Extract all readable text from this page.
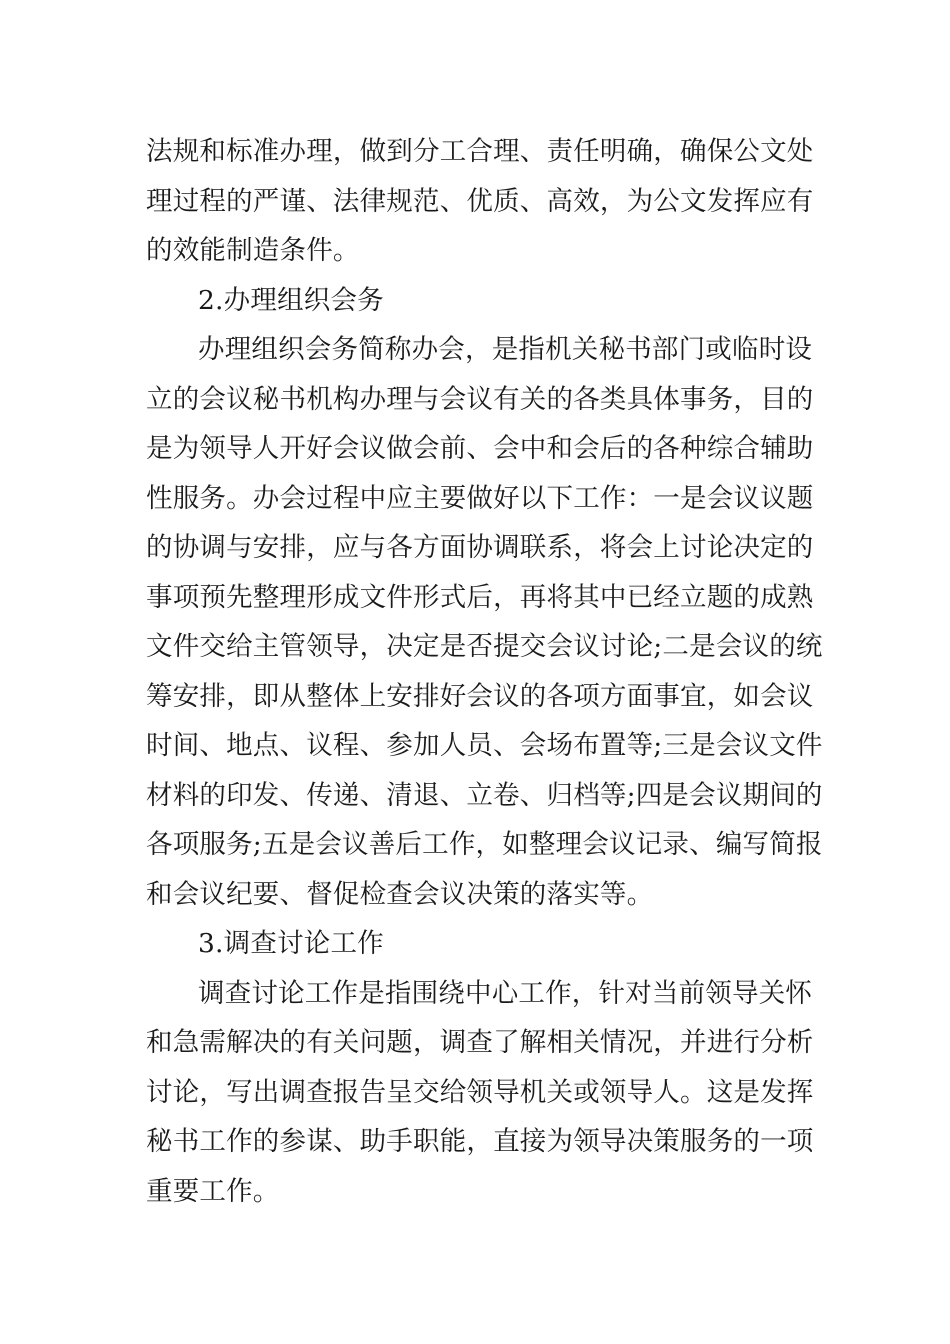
法规和标准办理，做到分工合理、责任明确，确保公文处
理过程的严谨、法律规范、优质、高效，为公文发挥应有
的效能制造条件。
2.办理组织会务
办理组织会务简称办会，是指机关秘书部门或临时设
立的会议秘书机构办理与会议有关的各类具体事务，目的
是为领导人开好会议做会前、会中和会后的各种综合辅助
性服务。办会过程中应主要做好以下工作：一是会议议题
的协调与安排，应与各方面协调联系，将会上讨论决定的
事项预先整理形成文件形式后，再将其中已经立题的成熟
文件交给主管领导，决定是否提交会议讨论;二是会议的统
筹安排，即从整体上安排好会议的各项方面事宜，如会议
时间、地点、议程、参加人员、会场布置等;三是会议文件
材料的印发、传递、清退、立卷、归档等;四是会议期间的
各项服务;五是会议善后工作，如整理会议记录、编写简报
和会议纪要、督促检查会议决策的落实等。
3.调查讨论工作
调查讨论工作是指围绕中心工作，针对当前领导关怀
和急需解决的有关问题，调查了解相关情况，并进行分析
讨论，写出调查报告呈交给领导机关或领导人。这是发挥
秘书工作的参谋、助手职能，直接为领导决策服务的一项
重要工作。
